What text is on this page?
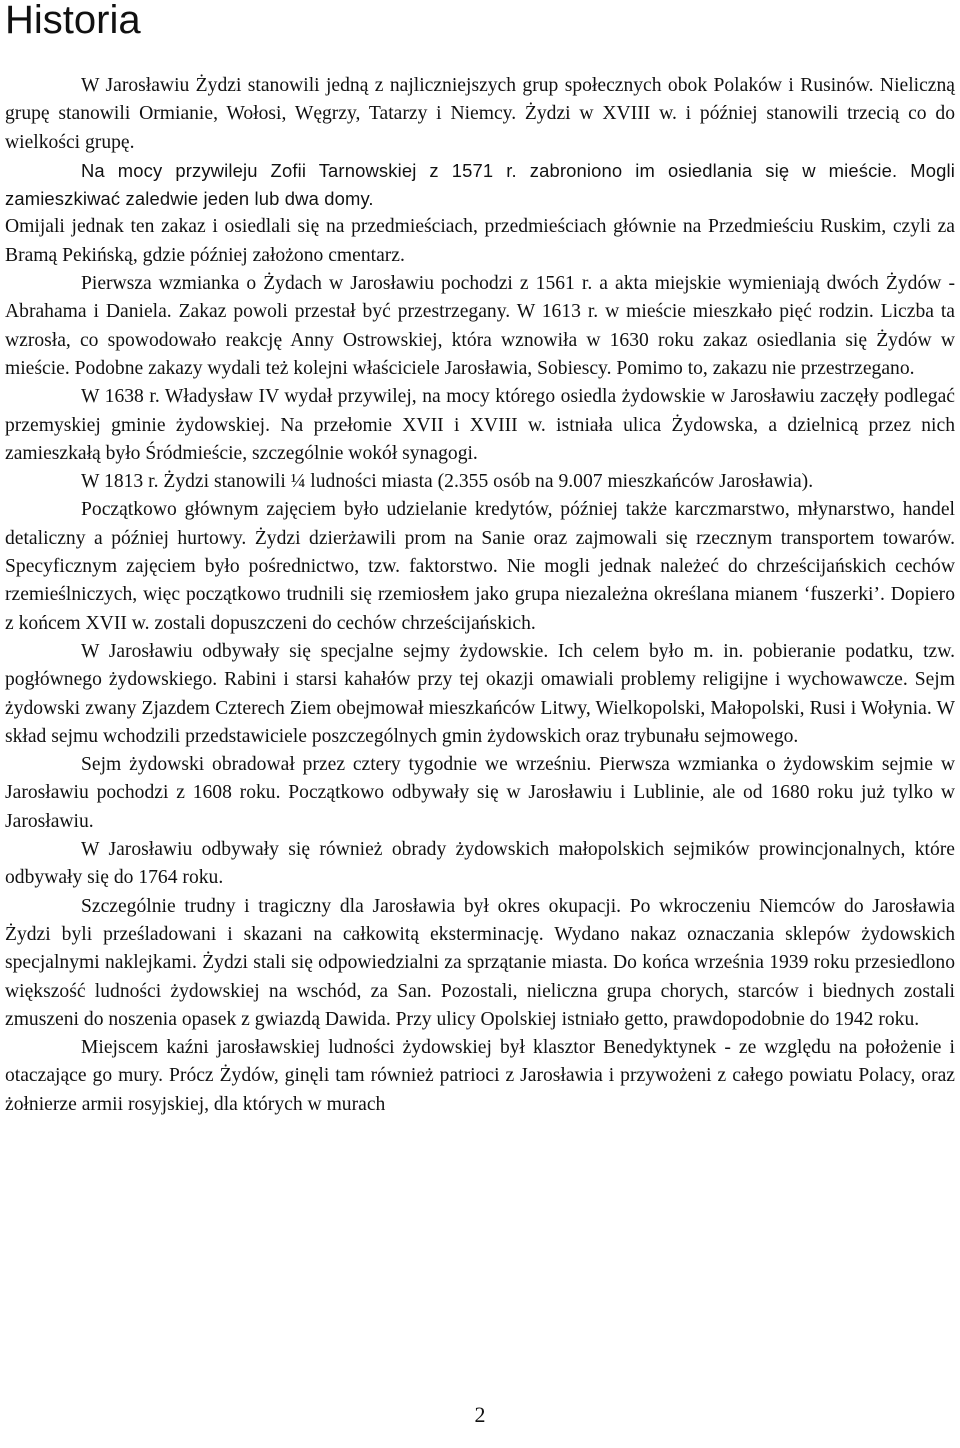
Historia

W Jarosławiu Żydzi stanowili jedną z najliczniejszych grup społecznych obok Polaków i Rusinów. Nieliczną grupę stanowili Ormianie, Wołosi, Węgrzy, Tatarzy i Niemcy. Żydzi w XVIII w. i później stanowili trzecią co do wielkości grupę.

Na mocy przywileju Zofii Tarnowskiej z 1571 r. zabroniono im osiedlania się w mieście. Mogli zamieszkiwać zaledwie jeden lub dwa domy.

Omijali jednak ten zakaz i osiedlali się na przedmieściach, przedmieściach głównie na Przedmieściu Ruskim, czyli za Bramą Pekińską, gdzie później założono cmentarz.

Pierwsza wzmianka o Żydach w Jarosławiu pochodzi z 1561 r. a akta miejskie wymieniają dwóch Żydów - Abrahama i Daniela. Zakaz powoli przestał być przestrzegany. W 1613 r. w mieście mieszkało pięć rodzin. Liczba ta wzrosła, co spowodowało reakcję Anny Ostrowskiej, która wznowiła w 1630 roku zakaz osiedlania się Żydów w mieście. Podobne zakazy wydali też kolejni właściciele Jarosławia, Sobiescy. Pomimo to, zakazu nie przestrzegano.

W 1638 r. Władysław IV wydał przywilej, na mocy którego osiedla żydowskie w Jarosławiu zaczęły podlegać przemyskiej gminie żydowskiej. Na przełomie XVII i XVIII w. istniała ulica Żydowska, a dzielnicą przez nich zamieszkałą było Śródmieście, szczególnie wokół synagogi.

W 1813 r. Żydzi stanowili ¼ ludności miasta (2.355 osób na 9.007 mieszkańców Jarosławia).

Początkowo głównym zajęciem było udzielanie kredytów, później także karczmarstwo, młynarstwo, handel detaliczny a później hurtowy. Żydzi dzierżawili prom na Sanie oraz zajmowali się rzecznym transportem towarów. Specyficznym zajęciem było pośrednictwo, tzw. faktorstwo. Nie mogli jednak należeć do chrześcijańskich cechów rzemieślniczych, więc początkowo trudnili się rzemiosłem jako grupa niezależna określana mianem ‘fuszerki’. Dopiero z końcem XVII w. zostali dopuszczeni do cechów chrześcijańskich.

W Jarosławiu odbywały się specjalne sejmy żydowskie. Ich celem było m. in. pobieranie podatku, tzw. pogłównego żydowskiego. Rabini i starsi kahałów przy tej okazji omawiali problemy religijne i wychowawcze. Sejm żydowski zwany Zjazdem Czterech Ziem obejmował mieszkańców Litwy, Wielkopolski, Małopolski, Rusi i Wołynia. W skład sejmu wchodzili przedstawiciele poszczególnych gmin żydowskich oraz trybunału sejmowego.

Sejm żydowski obradował przez cztery tygodnie we wrześniu. Pierwsza wzmianka o żydowskim sejmie w Jarosławiu pochodzi z 1608 roku. Początkowo odbywały się w Jarosławiu i Lublinie, ale od 1680 roku już tylko w Jarosławiu.

W Jarosławiu odbywały się również obrady żydowskich małopolskich sejmików prowincjonalnych, które odbywały się do 1764 roku.

Szczególnie trudny i tragiczny dla Jarosławia był okres okupacji. Po wkroczeniu Niemców do Jarosławia Żydzi byli prześladowani i skazani na całkowitą eksterminację. Wydano nakaz oznaczania sklepów żydowskich specjalnymi naklejkami. Żydzi stali się odpowiedzialni za sprzątanie miasta. Do końca września 1939 roku przesiedlono większość ludności żydowskiej na wschód, za San. Pozostali, nieliczna grupa chorych, starców i biednych zostali zmuszeni do noszenia opasek z gwiazdą Dawida. Przy ulicy Opolskiej istniało getto, prawdopodobnie do 1942 roku.

Miejscem kaźni jarosławskiej ludności żydowskiej był klasztor Benedyktynek - ze względu na położenie i otaczające go mury. Prócz Żydów, ginęli tam również patrioci z Jarosławia i przywożeni z całego powiatu Polacy, oraz żołnierze armii rosyjskiej, dla których w murach

2
